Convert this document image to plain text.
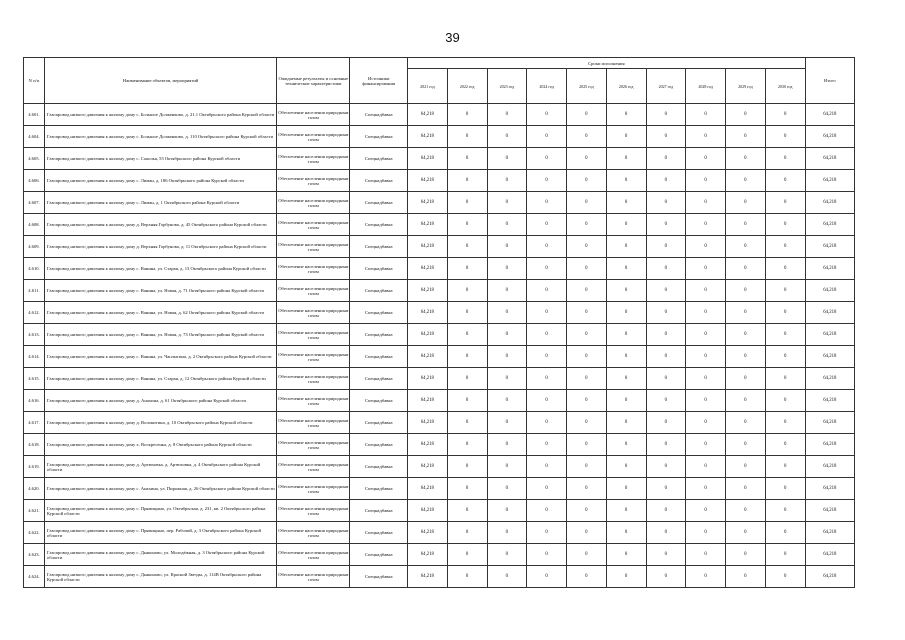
39
N п/п	Наименование объектов, мероприятий	Ожидаемые результаты и основные технические характеристики	Источники финансирования	Сроки исполнения										Итого
				2021 год	2022 год	2023 год	2024 год	2025 год	2026 год	2027 год	2028 год	2029 год	2030 год	
4.601.	Газопровод низкого давления к жилому дому с. Большое Долженково, д. 21.1 Октябрьского района Курской области	Обеспечение населения природным газом	Спецнадбавка	64,218	0	0	0	0	0	0	0	0	0	64,218
4.604.	Газопровод низкого давления к жилому дому с. Большое Долженково, д. 110 Октябрьского района Курской области	Обеспечение населения природным газом	Спецнадбавка	64,218	0	0	0	0	0	0	0	0	0	64,218
4.605.	Газопровод низкого давления к жилому дому с. Соколья, 55 Октябрьского района Курской области	Обеспечение населения природным газом	Спецнадбавка	64,218	0	0	0	0	0	0	0	0	0	64,218
4.606.	Газопровод низкого давления к жилому дому с. Лиман, д. 186 Октябрьского района Курской области	Обеспечение населения природным газом	Спецнадбавка	64,218	0	0	0	0	0	0	0	0	0	64,218
4.607.	Газопровод низкого давления к жилому дому с. Лиман, д. 1 Октябрьского района Курской области	Обеспечение населения природным газом	Спецнадбавка	64,218	0	0	0	0	0	0	0	0	0	64,218
4.608.	Газопровод низкого давления к жилому дому д. Верхняя Горбунова, д. 45 Октябрьского района Курской области	Обеспечение населения природным газом	Спецнадбавка	64,218	0	0	0	0	0	0	0	0	0	64,218
4.609.	Газопровод низкого давления к жилому дому д. Верхняя Горбунова, д. 11 Октябрьского района Курской области	Обеспечение населения природным газом	Спецнадбавка	64,218	0	0	0	0	0	0	0	0	0	64,218
4.610.	Газопровод низкого давления к жилому дому с. Ванина, ул. Старая, д. 13 Октябрьского района Курской области	Обеспечение населения природным газом	Спецнадбавка	64,218	0	0	0	0	0	0	0	0	0	64,218
4.611.	Газопровод низкого давления к жилому дому с. Ванина, ул. Новая, д. 71 Октябрьского района Курской области	Обеспечение населения природным газом	Спецнадбавка	64,218	0	0	0	0	0	0	0	0	0	64,218
4.612.	Газопровод низкого давления к жилому дому с. Ванина, ул. Новая, д. 62 Октябрьского района Курской области	Обеспечение населения природным газом	Спецнадбавка	64,218	0	0	0	0	0	0	0	0	0	64,218
4.613.	Газопровод низкого давления к жилому дому с. Ванина, ул. Новая, д. 73 Октябрьского района Курской области	Обеспечение населения природным газом	Спецнадбавка	64,218	0	0	0	0	0	0	0	0	0	64,218
4.614.	Газопровод низкого давления к жилому дому с. Ванина, ул. Чаплыгина, д. 2 Октябрьского района Курской области	Обеспечение населения природным газом	Спецнадбавка	64,218	0	0	0	0	0	0	0	0	0	64,218
4.615.	Газопровод низкого давления к жилому дому с. Ванина, ул. Старая, д. 12 Октябрьского района Курской области	Обеспечение населения природным газом	Спецнадбавка	64,218	0	0	0	0	0	0	0	0	0	64,218
4.616.	Газопровод низкого давления к жилому дому д. Анахина, д. 61 Октябрьского района Курской области	Обеспечение населения природным газом	Спецнадбавка	64,218	0	0	0	0	0	0	0	0	0	64,218
4.617.	Газопровод низкого давления к жилому дому д. Волокитина, д. 10 Октябрьского района Курской области	Обеспечение населения природным газом	Спецнадбавка	64,218	0	0	0	0	0	0	0	0	0	64,218
4.618.	Газопровод низкого давления к жилому дому х. Воскресенка, д. 8 Октябрьского района Курской области	Обеспечение населения природным газом	Спецнадбавка	64,218	0	0	0	0	0	0	0	0	0	64,218
4.619.	Газопровод низкого давления к жилому дому д. Артюховка, д. Артюховка, д. 4 Октябрьского района Курской области	Обеспечение населения природным газом	Спецнадбавка	64,218	0	0	0	0	0	0	0	0	0	64,218
4.620.	Газопровод низкого давления к жилому дому с. Анахина, ул. Пирожная, д. 26 Октябрьского района Курской области	Обеспечение населения природным газом	Спецнадбавка	64,218	0	0	0	0	0	0	0	0	0	64,218
4.621.	Газопровод низкого давления к жилому дому с. Прямицыно, ул. Октябрьская, д. 231, кв. 2 Октябрьского района Курской области	Обеспечение населения природным газом	Спецнадбавка	64,218	0	0	0	0	0	0	0	0	0	64,218
4.622.	Газопровод низкого давления к жилому дому с. Прямицыно, пер. Рабочий, д. 3 Октябрьского района Курской области	Обеспечение населения природным газом	Спецнадбавка	64,218	0	0	0	0	0	0	0	0	0	64,218
4.623.	Газопровод низкого давления к жилому дому с. Дьяконово, ул. Молодёжная, д. 3 Октябрьского района Курской области	Обеспечение населения природным газом	Спецнадбавка	64,218	0	0	0	0	0	0	0	0	0	64,218
4.624.	Газопровод низкого давления к жилому дому с. Дьяконово, ул. Красной Звезды, д. 114В Октябрьского района Курской области	Обеспечение населения природным газом	Спецнадбавка	64,218	0	0	0	0	0	0	0	0	0	64,218
